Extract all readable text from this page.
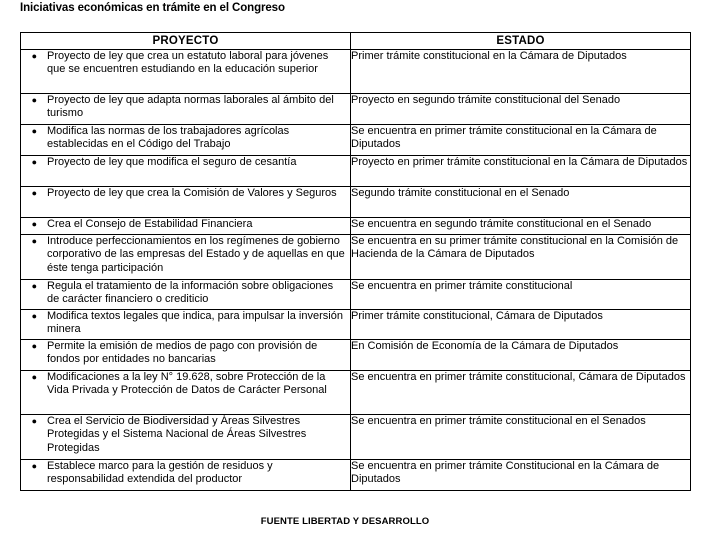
Iniciativas económicas en trámite en el Congreso
PROYECTO	ESTADO

● Proyecto de ley que crea un estatuto laboral para jóvenes que se encuentren estudiando en la educación superior	Primer trámite constitucional en la Cámara de Diputados

● Proyecto de ley que adapta normas laborales al ámbito del turismo	Proyecto en segundo trámite constitucional del Senado

● Modifica las normas de los trabajadores agrícolas establecidas en el Código del Trabajo	Se encuentra en primer trámite constitucional en la Cámara de Diputados

● Proyecto de ley que modifica el seguro de cesantía	Proyecto en primer trámite constitucional en la Cámara de Diputados

● Proyecto de ley que crea la Comisión de Valores y Seguros	Segundo trámite constitucional en el Senado

● Crea el Consejo de Estabilidad Financiera	Se encuentra en segundo trámite constitucional en el Senado

● Introduce perfeccionamientos en los regímenes de gobierno corporativo de las empresas del Estado y de aquellas en que éste tenga participación	Se encuentra en su primer trámite constitucional en la Comisión de Hacienda de la Cámara de Diputados

● Regula el tratamiento de la información sobre obligaciones de carácter financiero o crediticio	Se encuentra en primer trámite constitucional

● Modifica textos legales que indica, para impulsar la inversión minera	Primer trámite constitucional, Cámara de Diputados

● Permite la emisión de medios de pago con provisión de fondos por entidades no bancarias	En Comisión de Economía de la Cámara de Diputados

● Modificaciones a la ley N° 19.628, sobre Protección de la Vida Privada y Protección de Datos de Carácter Personal	Se encuentra en primer trámite constitucional, Cámara de Diputados

● Crea el Servicio de Biodiversidad y Áreas Silvestres Protegidas y el Sistema Nacional de Áreas Silvestres Protegidas	Se encuentra en primer trámite constitucional en el Senados

● Establece marco para la gestión de residuos y responsabilidad extendida del productor	Se encuentra en primer trámite Constitucional en la Cámara de Diputados
FUENTE LIBERTAD Y DESARROLLO
